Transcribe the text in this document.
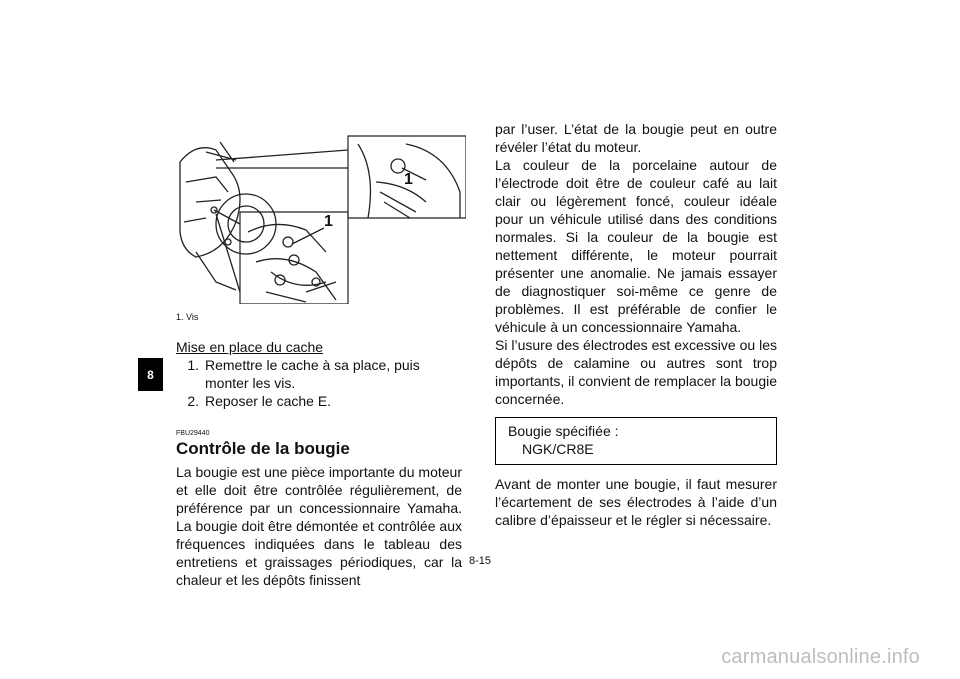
8
1
1
1. Vis
Mise en place du cache
1. Remettre le cache à sa place, puis monter les vis.
2. Reposer le cache E.
FBU29440
Contrôle de la bougie

La bougie est une pièce importante du moteur et elle doit être contrôlée régulièrement, de préférence par un concessionnaire Yamaha. La bougie doit être démontée et contrôlée aux fréquences indiquées dans le tableau des entretiens et graissages périodiques, car la chaleur et les dépôts finissent

par l’user. L’état de la bougie peut en outre révéler l’état du moteur.

La couleur de la porcelaine autour de l’électrode doit être de couleur café au lait clair ou légèrement foncé, couleur idéale pour un véhicule utilisé dans des conditions normales. Si la couleur de la bougie est nettement différente, le moteur pourrait présenter une anomalie. Ne jamais essayer de diagnostiquer soi-même ce genre de problèmes. Il est préférable de confier le véhicule à un concessionnaire Yamaha.

Si l’usure des électrodes est excessive ou les dépôts de calamine ou autres sont trop importants, il convient de remplacer la bougie concernée.

Bougie spécifiée :
NGK/CR8E

Avant de monter une bougie, il faut mesurer l’écartement de ses électrodes à l’aide d’un calibre d’épaisseur et le régler si nécessaire.

8-15
carmanualsonline.info
